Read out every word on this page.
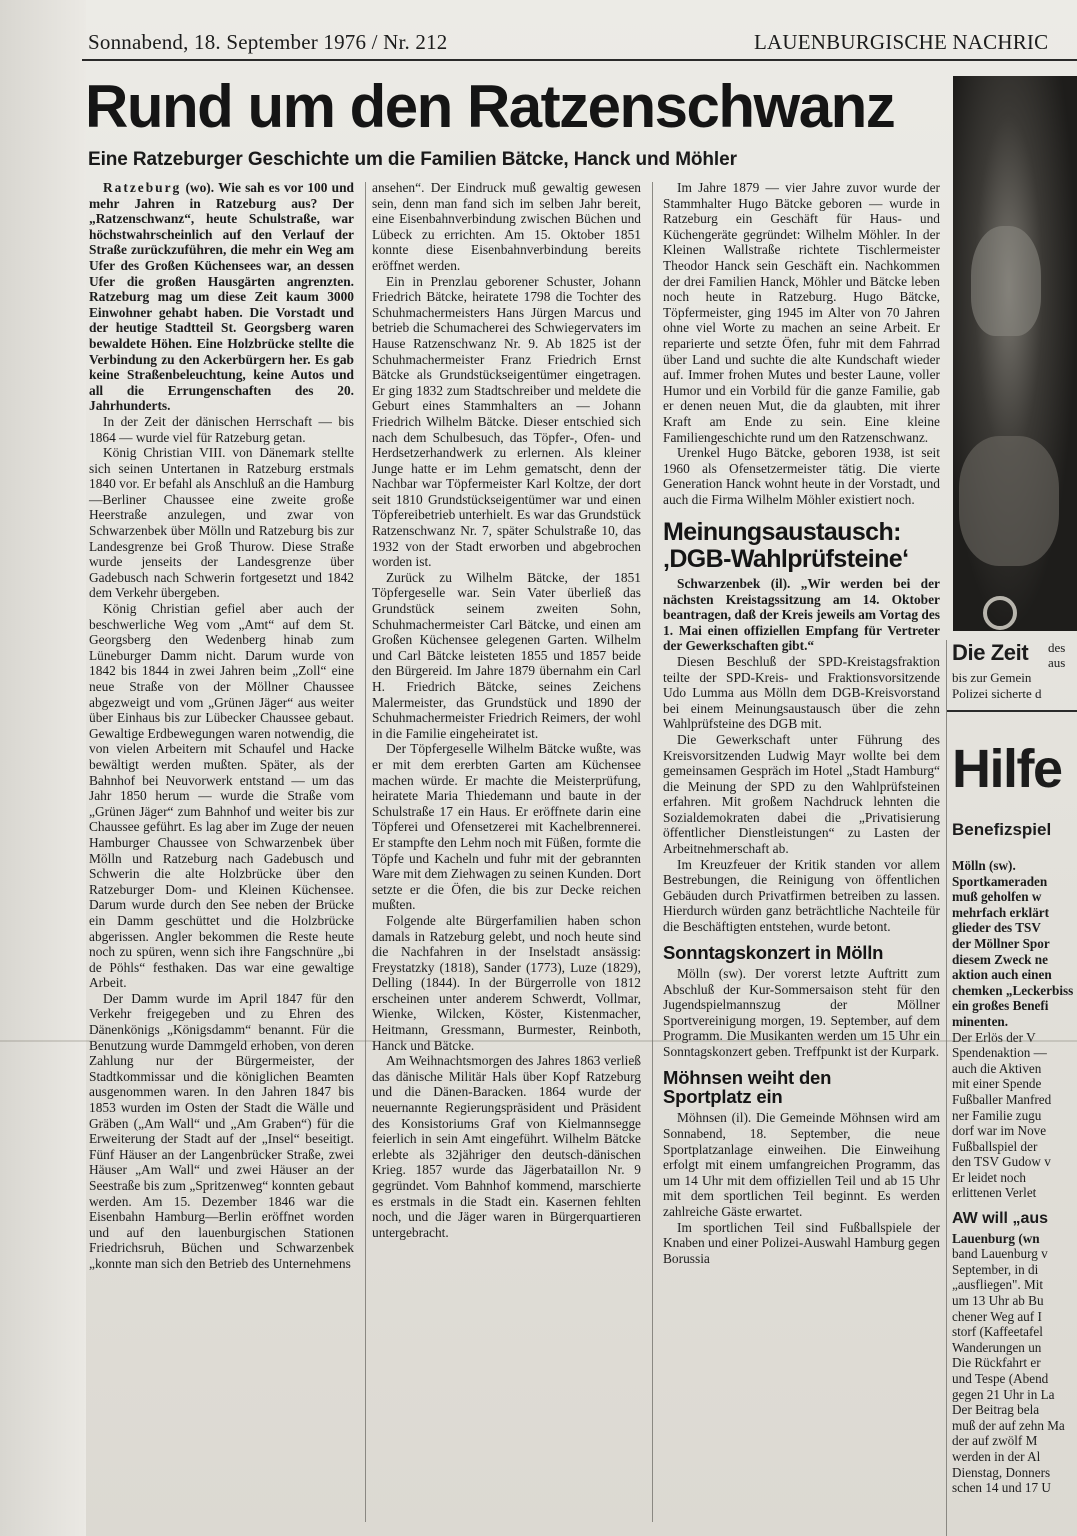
Sonnabend, 18. September 1976 / Nr. 212	LAUENBURGISCHE NACHRIC
Rund um den Ratzenschwanz
Eine Ratzeburger Geschichte um die Familien Bätcke, Hanck und Möhler

Ratzeburg (wo). Wie sah es vor 100 und mehr Jahren in Ratzeburg aus? Der „Ratzenschwanz“, heute Schulstraße, war höchstwahrscheinlich auf den Verlauf der Straße zurückzuführen, die mehr ein Weg am Ufer des Großen Küchensees war, an dessen Ufer die großen Hausgärten angrenzten. Ratzeburg mag um diese Zeit kaum 3000 Einwohner gehabt haben. Die Vorstadt und der heutige Stadtteil St. Georgsberg waren bewaldete Höhen. Eine Holzbrücke stellte die Verbindung zu den Ackerbürgern her. Es gab keine Straßenbeleuchtung, keine Autos und all die Errungenschaften des 20. Jahrhunderts.

In der Zeit der dänischen Herrschaft — bis 1864 — wurde viel für Ratzeburg getan.

König Christian VIII. von Dänemark stellte sich seinen Untertanen in Ratzeburg erstmals 1840 vor. Er befahl als Anschluß an die Hamburg—Berliner Chaussee eine zweite große Heerstraße anzulegen, und zwar von Schwarzenbek über Mölln und Ratzeburg bis zur Landesgrenze bei Groß Thurow. Diese Straße wurde jenseits der Landesgrenze über Gadebusch nach Schwerin fortgesetzt und 1842 dem Verkehr übergeben.

König Christian gefiel aber auch der beschwerliche Weg vom „Amt“ auf dem St. Georgsberg den Wedenberg hinab zum Lüneburger Damm nicht. Darum wurde von 1842 bis 1844 in zwei Jahren beim „Zoll“ eine neue Straße von der Möllner Chaussee abgezweigt und vom „Grünen Jäger“ aus weiter über Einhaus bis zur Lübecker Chaussee gebaut. Gewaltige Erdbewegungen waren notwendig, die von vielen Arbeitern mit Schaufel und Hacke bewältigt werden mußten. Später, als der Bahnhof bei Neuvorwerk entstand — um das Jahr 1850 herum — wurde die Straße vom „Grünen Jäger“ zum Bahnhof und weiter bis zur Chaussee geführt. Es lag aber im Zuge der neuen Hamburger Chaussee von Schwarzenbek über Mölln und Ratzeburg nach Gadebusch und Schwerin die alte Holzbrücke über den Ratzeburger Dom- und Kleinen Küchensee. Darum wurde durch den See neben der Brücke ein Damm geschüttet und die Holzbrücke abgerissen. Angler bekommen die Reste heute noch zu spüren, wenn sich ihre Fangschnüre „bi de Pöhls“ festhaken. Das war eine gewaltige Arbeit.

Der Damm wurde im April 1847 für den Verkehr freigegeben und zu Ehren des Dänenkönigs „Königsdamm“ benannt. Für die Benutzung wurde Dammgeld erhoben, von deren Zahlung nur der Bürgermeister, der Stadtkommissar und die königlichen Beamten ausgenommen waren. In den Jahren 1847 bis 1853 wurden im Osten der Stadt die Wälle und Gräben („Am Wall“ und „Am Graben“) für die Erweiterung der Stadt auf der „Insel“ beseitigt. Fünf Häuser an der Langenbrücker Straße, zwei Häuser „Am Wall“ und zwei Häuser an der Seestraße bis zum „Spritzenweg“ konnten gebaut werden. Am 15. Dezember 1846 war die Eisenbahn Hamburg—Berlin eröffnet worden und auf den lauenburgischen Stationen Friedrichsruh, Büchen und Schwarzenbek „konnte man sich den Betrieb des Unternehmens

ansehen“. Der Eindruck muß gewaltig gewesen sein, denn man fand sich im selben Jahr bereit, eine Eisenbahnverbindung zwischen Büchen und Lübeck zu errichten. Am 15. Oktober 1851 konnte diese Eisenbahnverbindung bereits eröffnet werden.

Ein in Prenzlau geborener Schuster, Johann Friedrich Bätcke, heiratete 1798 die Tochter des Schuhmachermeisters Hans Jürgen Marcus und betrieb die Schumacherei des Schwiegervaters im Hause Ratzenschwanz Nr. 9. Ab 1825 ist der Schuhmachermeister Franz Friedrich Ernst Bätcke als Grundstückseigentümer eingetragen. Er ging 1832 zum Stadtschreiber und meldete die Geburt eines Stammhalters an — Johann Friedrich Wilhelm Bätcke. Dieser entschied sich nach dem Schulbesuch, das Töpfer-, Ofen- und Herdsetzerhandwerk zu erlernen. Als kleiner Junge hatte er im Lehm gematscht, denn der Nachbar war Töpfermeister Karl Koltze, der dort seit 1810 Grundstückseigentümer war und einen Töpfereibetrieb unterhielt. Es war das Grundstück Ratzenschwanz Nr. 7, später Schulstraße 10, das 1932 von der Stadt erworben und abgebrochen worden ist.

Zurück zu Wilhelm Bätcke, der 1851 Töpfergeselle war. Sein Vater überließ das Grundstück seinem zweiten Sohn, Schuhmachermeister Carl Bätcke, und einen am Großen Küchensee gelegenen Garten. Wilhelm und Carl Bätcke leisteten 1855 und 1857 beide den Bürgereid. Im Jahre 1879 übernahm ein Carl H. Friedrich Bätcke, seines Zeichens Malermeister, das Grundstück und 1890 der Schuhmachermeister Friedrich Reimers, der wohl in die Familie eingeheiratet ist.

Der Töpfergeselle Wilhelm Bätcke wußte, was er mit dem ererbten Garten am Küchensee machen würde. Er machte die Meisterprüfung, heiratete Maria Thiedemann und baute in der Schulstraße 17 ein Haus. Er eröffnete darin eine Töpferei und Ofensetzerei mit Kachelbrennerei. Er stampfte den Lehm noch mit Füßen, formte die Töpfe und Kacheln und fuhr mit der gebrannten Ware mit dem Ziehwagen zu seinen Kunden. Dort setzte er die Öfen, die bis zur Decke reichen mußten.

Folgende alte Bürgerfamilien haben schon damals in Ratzeburg gelebt, und noch heute sind die Nachfahren in der Inselstadt ansässig: Freystatzky (1818), Sander (1773), Luze (1829), Delling (1844). In der Bürgerrolle von 1812 erscheinen unter anderem Schwerdt, Vollmar, Wienke, Wilcken, Köster, Kistenmacher, Heitmann, Gressmann, Burmester, Reinboth, Hanck und Bätcke.

Am Weihnachtsmorgen des Jahres 1863 verließ das dänische Militär Hals über Kopf Ratzeburg und die Dänen-Baracken. 1864 wurde der neuernannte Regierungspräsident und Präsident des Konsistoriums Graf von Kielmannsegge feierlich in sein Amt eingeführt. Wilhelm Bätcke erlebte als 32jähriger den deutsch-dänischen Krieg. 1857 wurde das Jägerbataillon Nr. 9 gegründet. Vom Bahnhof kommend, marschierte es erstmals in die Stadt ein. Kasernen fehlten noch, und die Jäger waren in Bürgerquartieren untergebracht.

Im Jahre 1879 — vier Jahre zuvor wurde der Stammhalter Hugo Bätcke geboren — wurde in Ratzeburg ein Geschäft für Haus- und Küchengeräte gegründet: Wilhelm Möhler. In der Kleinen Wallstraße richtete Tischlermeister Theodor Hanck sein Geschäft ein. Nachkommen der drei Familien Hanck, Möhler und Bätcke leben noch heute in Ratzeburg. Hugo Bätcke, Töpfermeister, ging 1945 im Alter von 70 Jahren ohne viel Worte zu machen an seine Arbeit. Er reparierte und setzte Öfen, fuhr mit dem Fahrrad über Land und suchte die alte Kundschaft wieder auf. Immer frohen Mutes und bester Laune, voller Humor und ein Vorbild für die ganze Familie, gab er denen neuen Mut, die da glaubten, mit ihrer Kraft am Ende zu sein. Eine kleine Familiengeschichte rund um den Ratzenschwanz.

Urenkel Hugo Bätcke, geboren 1938, ist seit 1960 als Ofensetzermeister tätig. Die vierte Generation Hanck wohnt heute in der Vorstadt, und auch die Firma Wilhelm Möhler existiert noch.

Meinungsaustausch:
‚DGB-Wahlprüfsteine‘

Schwarzenbek (il). „Wir werden bei der nächsten Kreistagssitzung am 14. Oktober beantragen, daß der Kreis jeweils am Vortag des 1. Mai einen offiziellen Empfang für Vertreter der Gewerkschaften gibt.“

Diesen Beschluß der SPD-Kreistagsfraktion teilte der SPD-Kreis- und Fraktionsvorsitzende Udo Lumma aus Mölln dem DGB-Kreisvorstand bei einem Meinungsaustausch über die zehn Wahlprüfsteine des DGB mit.

Die Gewerkschaft unter Führung des Kreisvorsitzenden Ludwig Mayr wollte bei dem gemeinsamen Gespräch im Hotel „Stadt Hamburg“ die Meinung der SPD zu den Wahlprüfsteinen erfahren. Mit großem Nachdruck lehnten die Sozialdemokraten dabei die „Privatisierung öffentlicher Dienstleistungen“ zu Lasten der Arbeitnehmerschaft ab.

Im Kreuzfeuer der Kritik standen vor allem Bestrebungen, die Reinigung von öffentlichen Gebäuden durch Privatfirmen betreiben zu lassen. Hierdurch würden ganz beträchtliche Nachteile für die Beschäftigten entstehen, wurde betont.

Sonntagskonzert in Mölln

Mölln (sw). Der vorerst letzte Auftritt zum Abschluß der Kur-Sommersaison steht für den Jugendspielmannszug der Möllner Sportvereinigung morgen, 19. September, auf dem Programm. Die Musikanten werden um 15 Uhr ein Sonntagskonzert geben. Treffpunkt ist der Kurpark.

Möhnsen weiht den
Sportplatz ein

Möhnsen (il). Die Gemeinde Möhnsen wird am Sonnabend, 18. September, die neue Sportplatzanlage einweihen. Die Einweihung erfolgt mit einem umfangreichen Programm, das um 14 Uhr mit dem offiziellen Teil und ab 15 Uhr mit dem sportlichen Teil beginnt. Es werden zahlreiche Gäste erwartet.

Im sportlichen Teil sind Fußballspiele der Knaben und einer Polizei-Auswahl Hamburg gegen Borussia

Die Zeit des
aus
bis zur Gemein
Polizei sicherte d
Hilfe
Benefizspiel
Mölln (sw).
Sportkameraden
muß geholfen w
mehrfach erklärt
glieder des TSV
der Möllner Spor
diesem Zweck ne
aktion auch einen
chemken „Leckerbiss
ein großes Benefi
minenten.
Der Erlös der V
Spendenaktion —
auch die Aktiven
mit einer Spende
Fußballer Manfred
ner Familie zugu
dorf war im Nove
Fußballspiel der
den TSV Gudow v
Er leidet noch
erlittenen Verlet
AW will „aus
Lauenburg (wn
band Lauenburg v
September, in di
„ausfliegen". Mit
um 13 Uhr ab Bu
chener Weg auf I
storf (Kaffeetafel
Wanderungen un
Die Rückfahrt er
und Tespe (Abend
gegen 21 Uhr in La
Der Beitrag bela
muß der auf zehn Ma
der auf zwölf M
werden in der Al
Dienstag, Donners
schen 14 und 17 U
